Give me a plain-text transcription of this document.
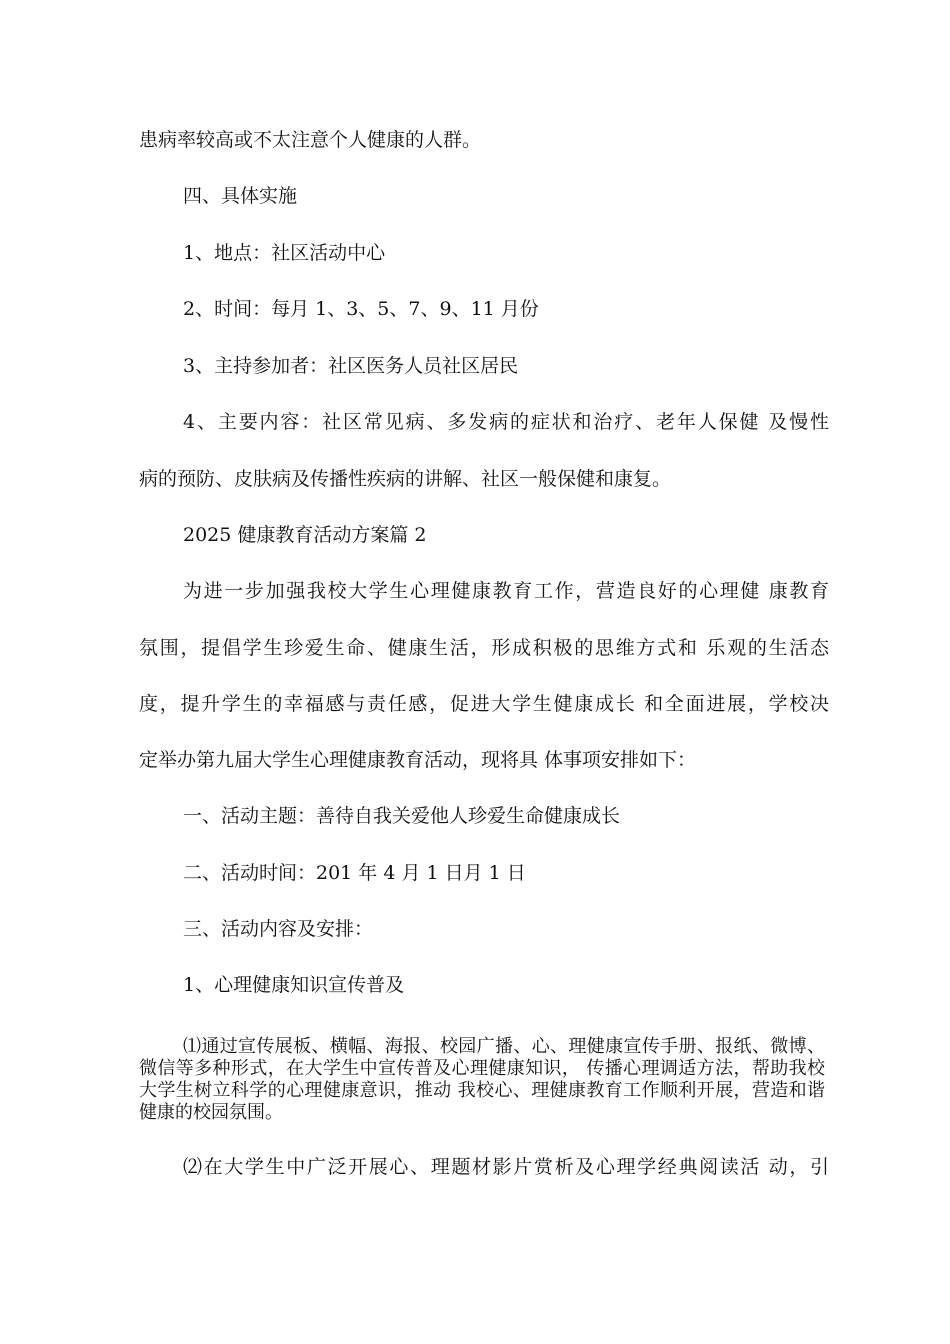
患病率较高或不太注意个人健康的人群。
四、具体实施
1、地点：社区活动中心
2、时间：每月 1、3、5、7、9、11 月份
3、主持参加者：社区医务人员社区居民
4、主要内容：社区常见病、多发病的症状和治疗、老年人保健 及慢性
病的预防、皮肤病及传播性疾病的讲解、社区一般保健和康复。
2025 健康教育活动方案篇 2
为进一步加强我校大学生心理健康教育工作，营造良好的心理健 康教育
氛围，提倡学生珍爱生命、健康生活，形成积极的思维方式和 乐观的生活态
度，提升学生的幸福感与责任感，促进大学生健康成长 和全面进展，学校决
定举办第九届大学生心理健康教育活动，现将具 体事项安排如下：
一、活动主题：善待自我关爱他人珍爱生命健康成长
二、活动时间：201 年 4 月 1 日月 1 日
三、活动内容及安排：
1、心理健康知识宣传普及
⑴通过宣传展板、横幅、海报、校园广播、心、理健康宣传手册、报纸、微博、微信等多种形式，在大学生中宣传普及心理健康知识， 传播心理调适方法，帮助我校大学生树立科学的心理健康意识，推动 我校心、理健康教育工作顺利开展，营造和谐健康的校园氛围。
⑵在大学生中广泛开展心、理题材影片赏析及心理学经典阅读活 动，引
